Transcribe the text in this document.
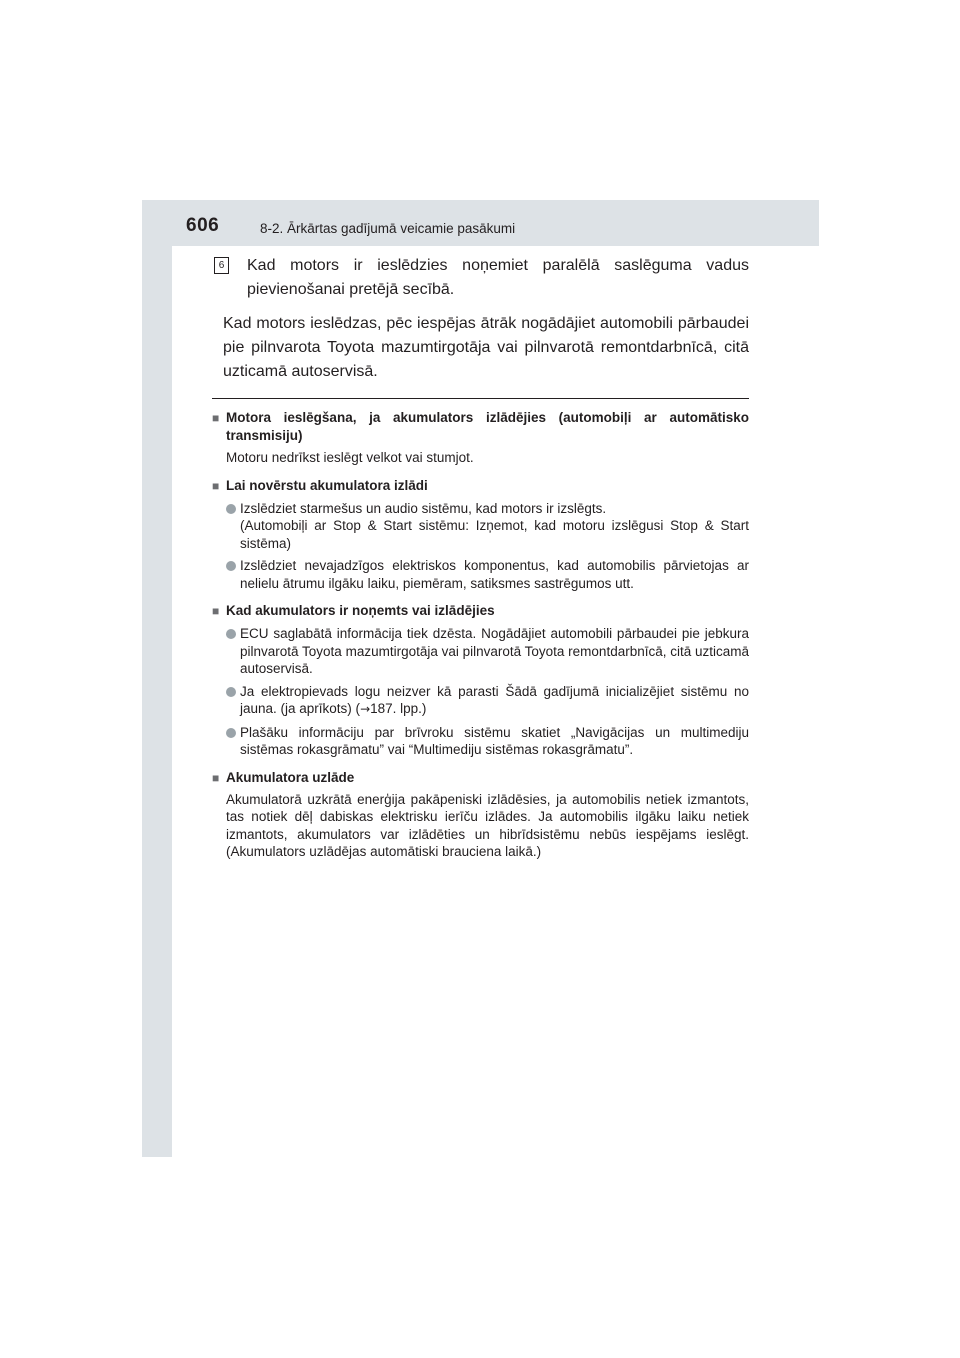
606	8-2. Ārkārtas gadījumā veicamie pasākumi
6 Kad motors ir ieslēdzies noņemiet paralēlā saslēguma vadus pievienošanai pretējā secībā.
Kad motors ieslēdzas, pēc iespējas ātrāk nogādājiet automobili pārbaudei pie pilnvarota Toyota mazumtirgotāja vai pilnvarotā remontdarbnīcā, citā uzticamā autoservisā.
■ Motora ieslēgšana, ja akumulators izlādējies (automobiļi ar automātisko transmisiju)
Motoru nedrīkst ieslēgt velkot vai stumjot.
■ Lai novērstu akumulatora izlādi
Izslēdziet starmešus un audio sistēmu, kad motors ir izslēgts.
(Automobiļi ar Stop & Start sistēmu: Izņemot, kad motoru izslēgusi Stop & Start sistēma)
Izslēdziet nevajadzīgos elektriskos komponentus, kad automobilis pārvietojas ar nelielu ātrumu ilgāku laiku, piemēram, satiksmes sastrēgumos utt.
■ Kad akumulators ir noņemts vai izlādējies
ECU saglabātā informācija tiek dzēsta. Nogādājiet automobili pārbaudei pie jebkura pilnvarotā Toyota mazumtirgotāja vai pilnvarotā Toyota remontdarbnīcā, citā uzticamā autoservisā.
Ja elektropievads logu neizver kā parasti Šādā gadījumā inicializējiet sistēmu no jauna. (ja aprīkots) (→187. lpp.)
Plašāku informāciju par brīvroku sistēmu skatiet „Navigācijas un multimediju sistēmas rokasgrāmatu” vai “Multimediju sistēmas rokasgrāmatu”.
■ Akumulatora uzlāde
Akumulatorā uzkrātā enerģija pakāpeniski izlādēsies, ja automobilis netiek izmantots, tas notiek dēļ dabiskas elektrisku ierīču izlādes. Ja automobilis ilgāku laiku netiek izmantots, akumulators var izlādēties un hibrīdsistēmu nebūs iespējams ieslēgt. (Akumulators uzlādējas automātiski brauciena laikā.)
